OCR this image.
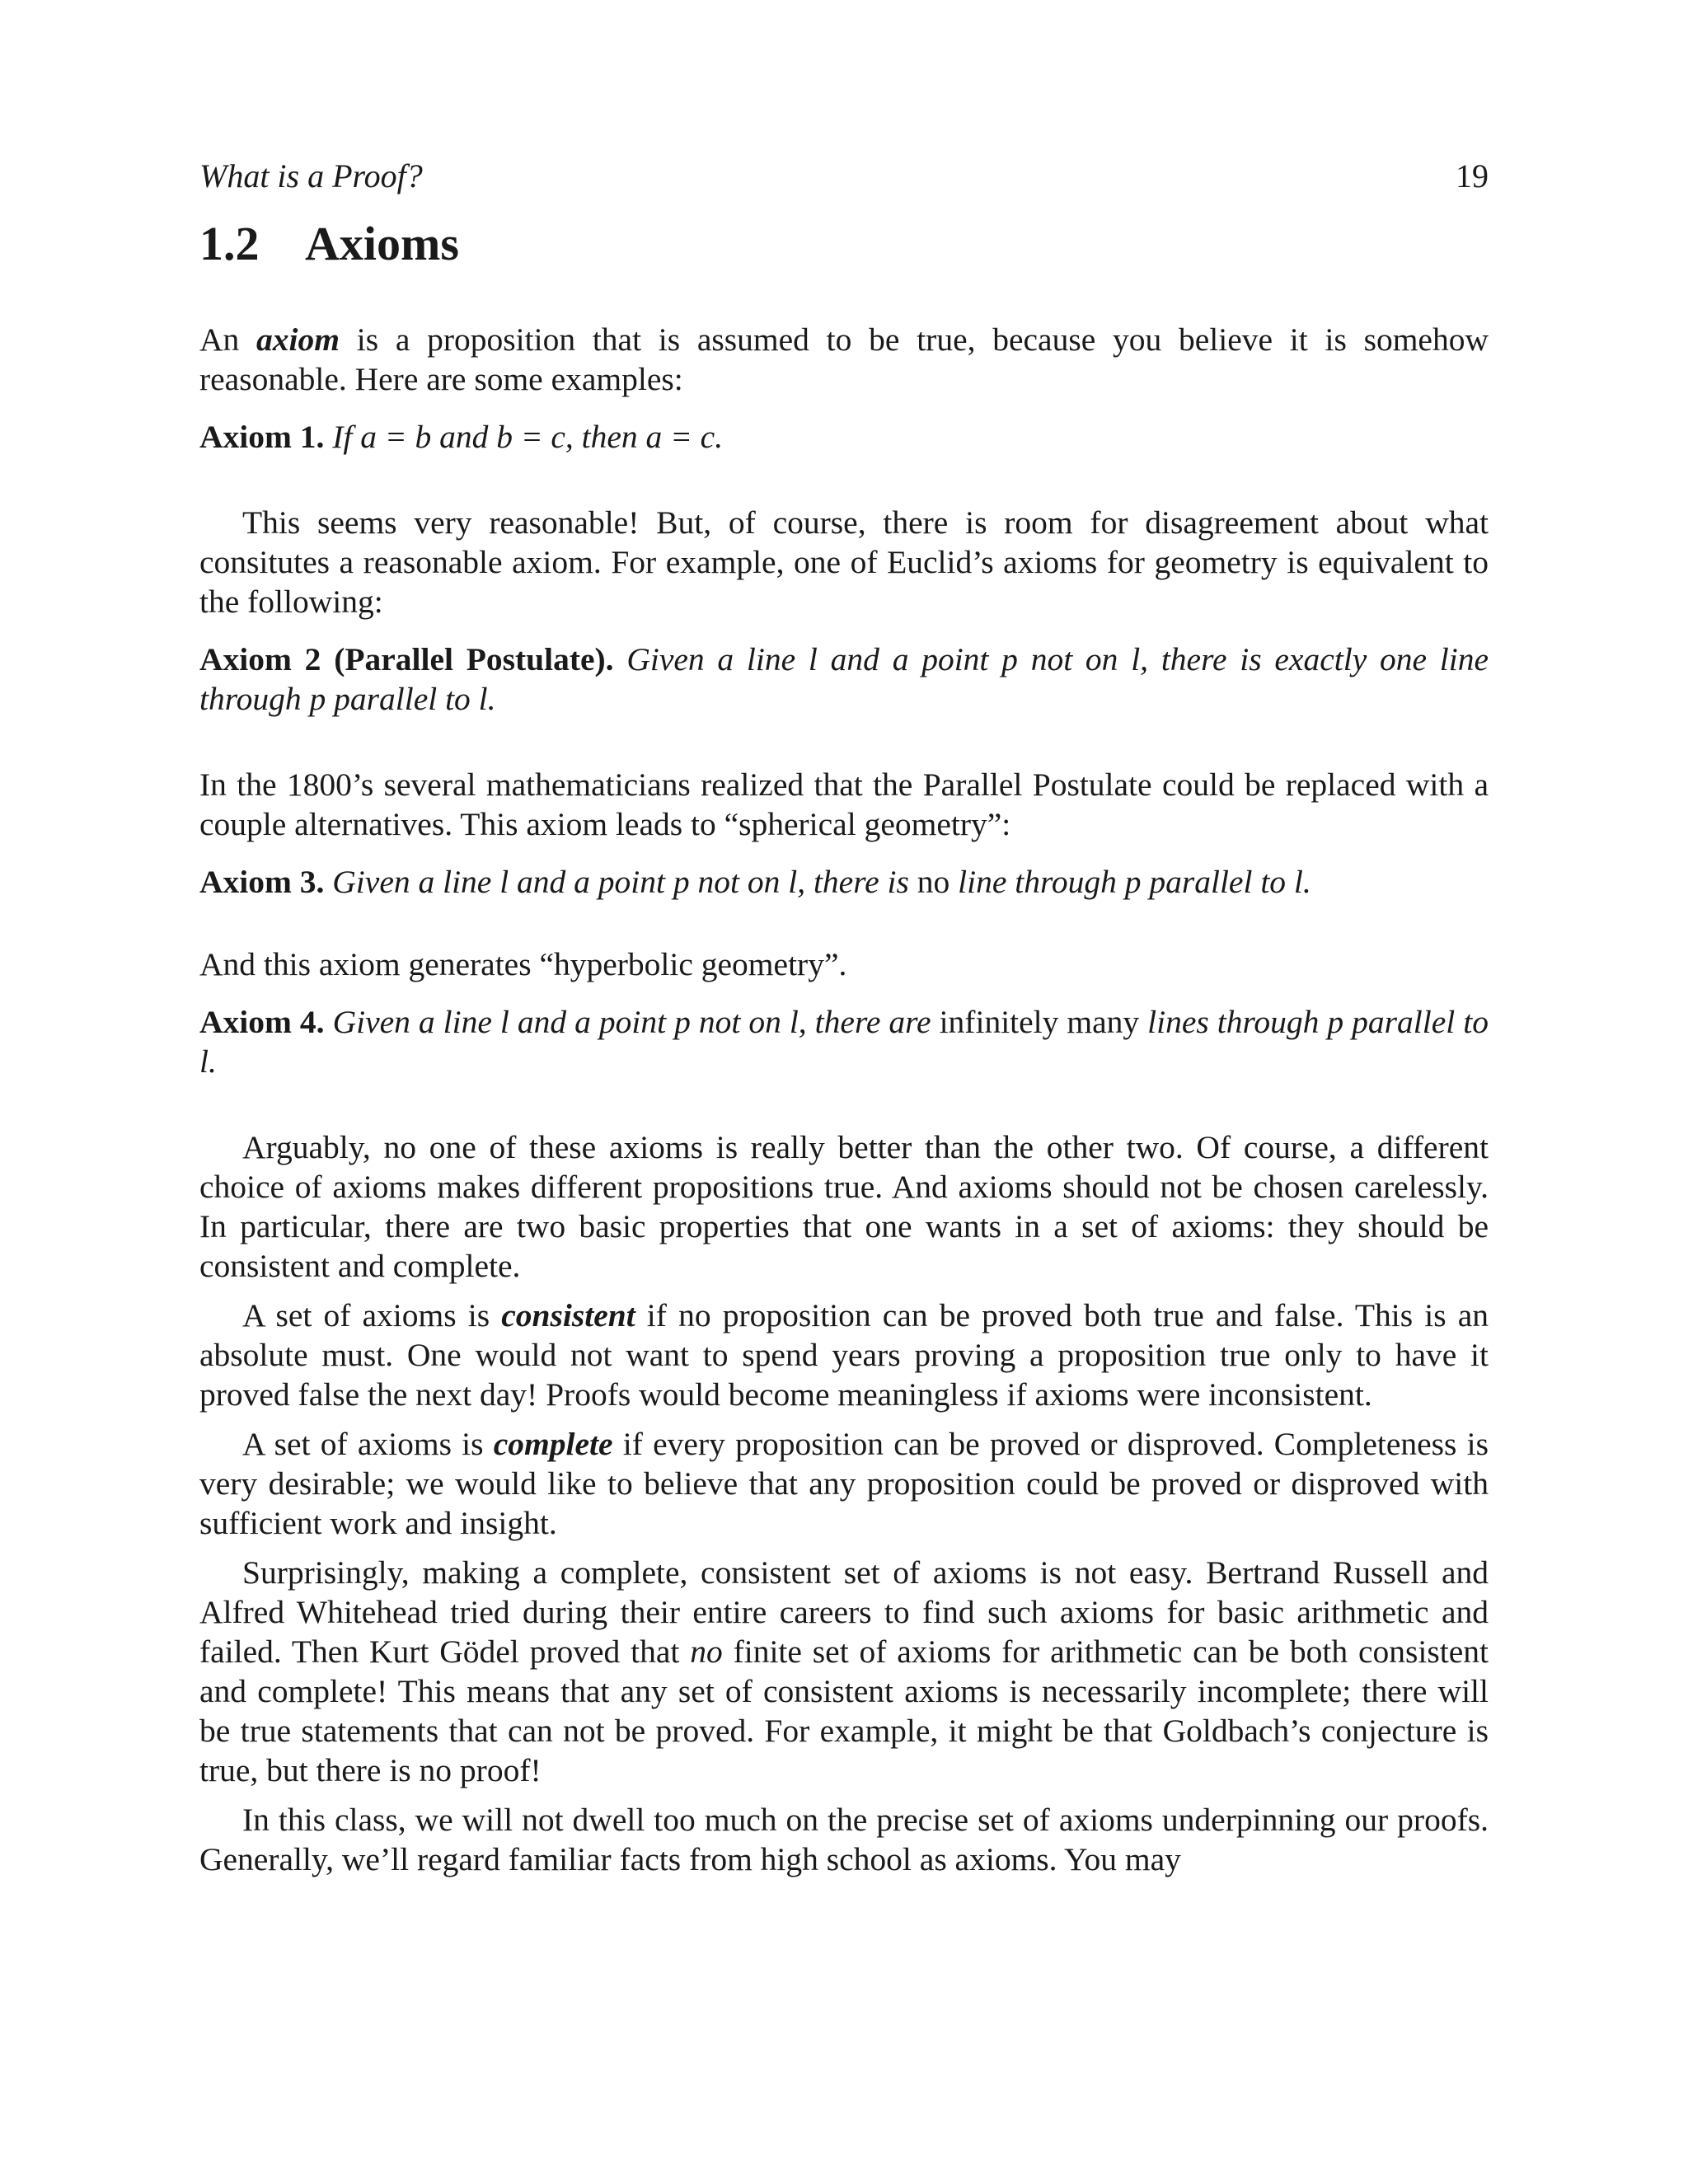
What is a Proof?	19
1.2 Axioms

An axiom is a proposition that is assumed to be true, because you believe it is somehow reasonable. Here are some examples:

Axiom 1. If a = b and b = c, then a = c.

This seems very reasonable! But, of course, there is room for disagreement about what consitutes a reasonable axiom. For example, one of Euclid’s axioms for geometry is equivalent to the following:

Axiom 2 (Parallel Postulate). Given a line l and a point p not on l, there is exactly one line through p parallel to l.

In the 1800’s several mathematicians realized that the Parallel Postulate could be replaced with a couple alternatives. This axiom leads to “spherical geometry”:

Axiom 3. Given a line l and a point p not on l, there is no line through p parallel to l.

And this axiom generates “hyperbolic geometry”.

Axiom 4. Given a line l and a point p not on l, there are infinitely many lines through p parallel to l.

Arguably, no one of these axioms is really better than the other two. Of course, a different choice of axioms makes different propositions true. And axioms should not be chosen carelessly. In particular, there are two basic properties that one wants in a set of axioms: they should be consistent and complete.

A set of axioms is consistent if no proposition can be proved both true and false. This is an absolute must. One would not want to spend years proving a proposition true only to have it proved false the next day! Proofs would become meaningless if axioms were inconsistent.

A set of axioms is complete if every proposition can be proved or disproved. Completeness is very desirable; we would like to believe that any proposition could be proved or disproved with sufficient work and insight.

Surprisingly, making a complete, consistent set of axioms is not easy. Bertrand Russell and Alfred Whitehead tried during their entire careers to find such axioms for basic arithmetic and failed. Then Kurt Gödel proved that no finite set of axioms for arithmetic can be both consistent and complete! This means that any set of consistent axioms is necessarily incomplete; there will be true statements that can not be proved. For example, it might be that Goldbach’s conjecture is true, but there is no proof!

In this class, we will not dwell too much on the precise set of axioms underpinning our proofs. Generally, we’ll regard familiar facts from high school as axioms. You may
